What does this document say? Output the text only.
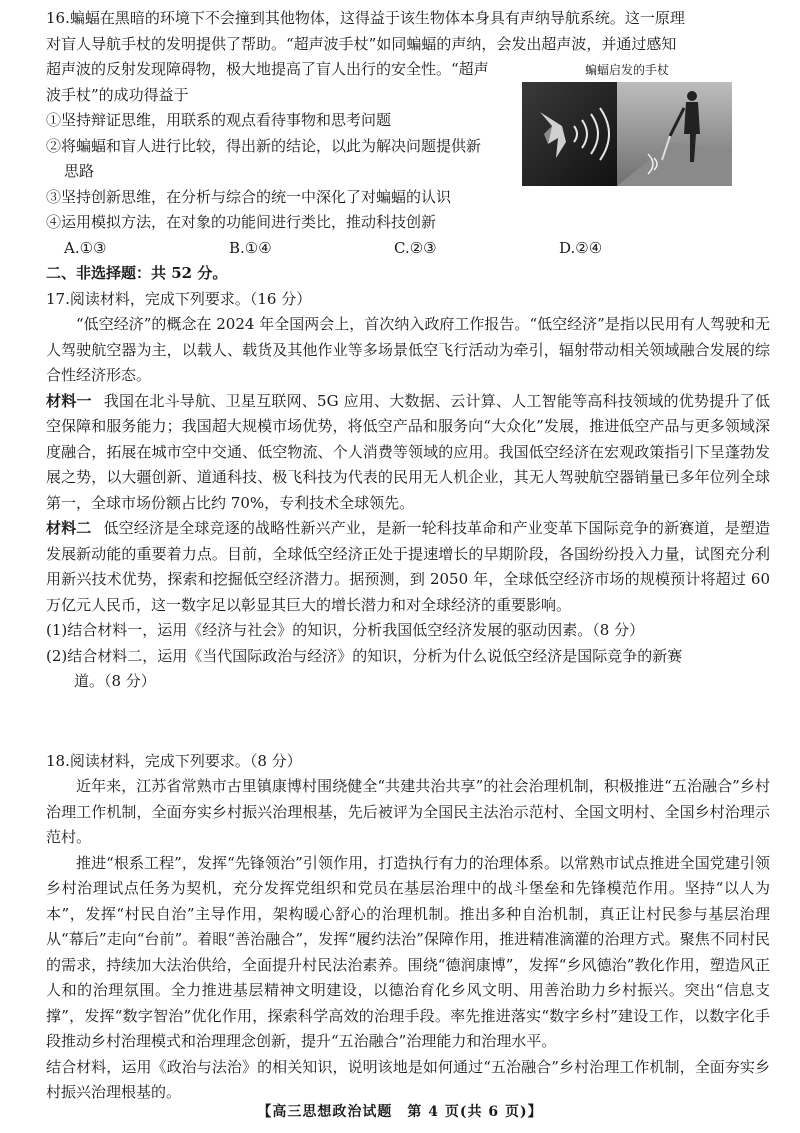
16.蝙蝠在黑暗的环境下不会撞到其他物体，这得益于该生物体本身具有声纳导航系统。这一原理

对盲人导航手杖的发明提供了帮助。“超声波手杖”如同蝙蝠的声纳，会发出超声波，并通过感知

超声波的反射发现障碍物，极大地提高了盲人出行的安全性。“超声

波手杖”的成功得益于

①坚持辩证思维，用联系的观点看待事物和思考问题

②将蝙蝠和盲人进行比较，得出新的结论，以此为解决问题提供新

思路

③坚持创新思维，在分析与综合的统一中深化了对蝙蝠的认识

④运用模拟方法，在对象的功能间进行类比，推动科技创新

A.①③	B.①④	C.②③	D.②④

二、非选择题：共 52 分。

17.阅读材料，完成下列要求。（16 分）

“低空经济”的概念在 2024 年全国两会上，首次纳入政府工作报告。“低空经济”是指以民用有人驾驶和无人驾驶航空器为主，以载人、载货及其他作业等多场景低空飞行活动为牵引，辐射带动相关领域融合发展的综合性经济形态。

材料一 我国在北斗导航、卫星互联网、5G 应用、大数据、云计算、人工智能等高科技领域的优势提升了低空保障和服务能力；我国超大规模市场优势，将低空产品和服务向“大众化”发展，推进低空产品与更多领域深度融合，拓展在城市空中交通、低空物流、个人消费等领域的应用。我国低空经济在宏观政策指引下呈蓬勃发展之势，以大疆创新、道通科技、极飞科技为代表的民用无人机企业，其无人驾驶航空器销量已多年位列全球第一，全球市场份额占比约 70%，专利技术全球领先。

材料二 低空经济是全球竞逐的战略性新兴产业，是新一轮科技革命和产业变革下国际竞争的新赛道，是塑造发展新动能的重要着力点。目前，全球低空经济正处于提速增长的早期阶段，各国纷纷投入力量，试图充分利用新兴技术优势，探索和挖掘低空经济潜力。据预测，到 2050 年，全球低空经济市场的规模预计将超过 60 万亿元人民币，这一数字足以彰显其巨大的增长潜力和对全球经济的重要影响。

(1)结合材料一，运用《经济与社会》的知识，分析我国低空经济发展的驱动因素。（8 分）

(2)结合材料二，运用《当代国际政治与经济》的知识，分析为什么说低空经济是国际竞争的新赛

道。（8 分）

18.阅读材料，完成下列要求。（8 分）

近年来，江苏省常熟市古里镇康博村围绕健全“共建共治共享”的社会治理机制，积极推进“五治融合”乡村治理工作机制，全面夯实乡村振兴治理根基，先后被评为全国民主法治示范村、全国文明村、全国乡村治理示范村。

推进“根系工程”，发挥“先锋领治”引领作用，打造执行有力的治理体系。以常熟市试点推进全国党建引领乡村治理试点任务为契机，充分发挥党组织和党员在基层治理中的战斗堡垒和先锋模范作用。坚持“以人为本”，发挥“村民自治”主导作用，架构暖心舒心的治理机制。推出多种自治机制，真正让村民参与基层治理从“幕后”走向“台前”。着眼“善治融合”，发挥“履约法治”保障作用，推进精准滴灌的治理方式。聚焦不同村民的需求，持续加大法治供给，全面提升村民法治素养。围绕“德润康博”，发挥“乡风德治”教化作用，塑造风正人和的治理氛围。全力推进基层精神文明建设，以德治育化乡风文明、用善治助力乡村振兴。突出“信息支撑”，发挥“数字智治”优化作用，探索科学高效的治理手段。率先推进落实“数字乡村”建设工作，以数字化手段推动乡村治理模式和治理理念创新，提升“五治融合”治理能力和治理水平。

结合材料，运用《政治与法治》的相关知识，说明该地是如何通过“五治融合”乡村治理工作机制，全面夯实乡村振兴治理根基的。

蝙蝠启发的手杖
【高三思想政治试题　第 4 页(共 6 页)】
